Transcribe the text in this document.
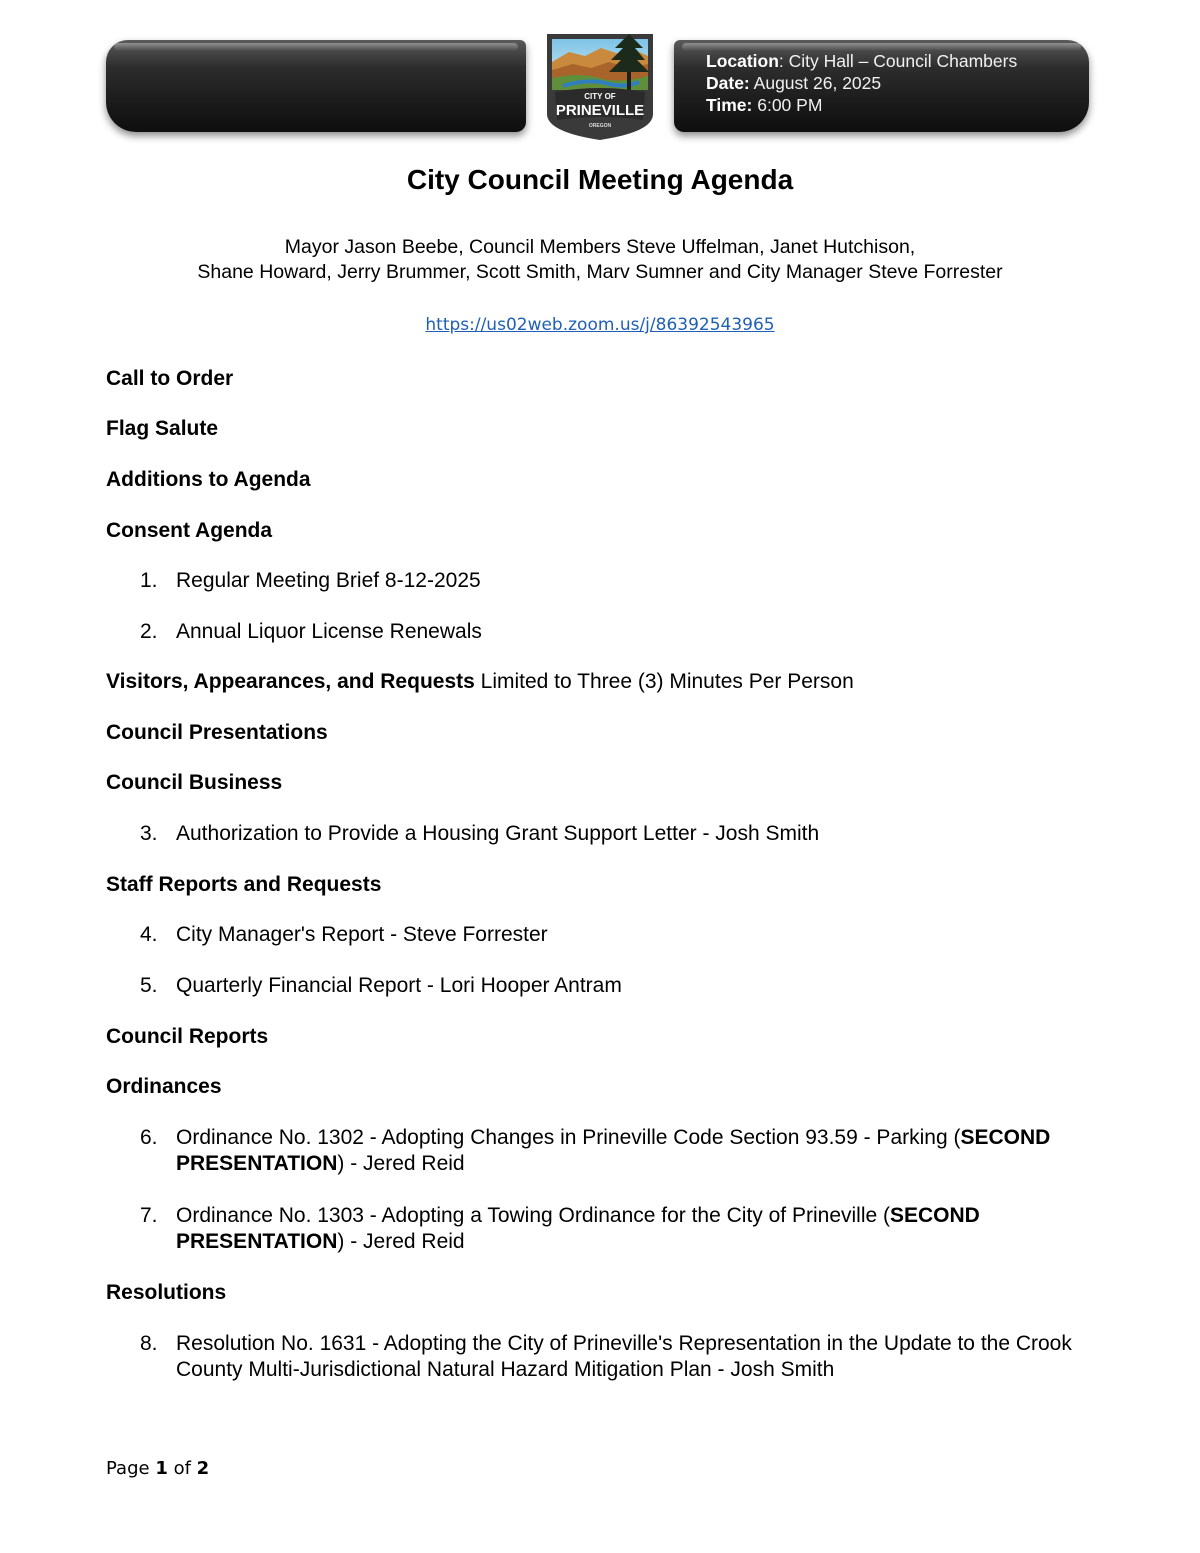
CITY OF
PRINEVILLE
OREGON
Location: City Hall – Council Chambers
Date: August 26, 2025
Time: 6:00 PM
City Council Meeting Agenda
Mayor Jason Beebe, Council Members Steve Uffelman, Janet Hutchison,
Shane Howard, Jerry Brummer, Scott Smith, Marv Sumner and City Manager Steve Forrester
https://us02web.zoom.us/j/86392543965
Call to Order
Flag Salute
Additions to Agenda
Consent Agenda
1. Regular Meeting Brief 8-12-2025
2. Annual Liquor License Renewals
Visitors, Appearances, and Requests Limited to Three (3) Minutes Per Person
Council Presentations
Council Business
3. Authorization to Provide a Housing Grant Support Letter - Josh Smith
Staff Reports and Requests
4. City Manager's Report - Steve Forrester
5. Quarterly Financial Report - Lori Hooper Antram
Council Reports
Ordinances
6. Ordinance No. 1302 - Adopting Changes in Prineville Code Section 93.59 - Parking (SECOND PRESENTATION) - Jered Reid
7. Ordinance No. 1303 - Adopting a Towing Ordinance for the City of Prineville (SECOND PRESENTATION) - Jered Reid
Resolutions
8. Resolution No. 1631 - Adopting the City of Prineville's Representation in the Update to the Crook County Multi-Jurisdictional Natural Hazard Mitigation Plan - Josh Smith
Page 1 of 2
